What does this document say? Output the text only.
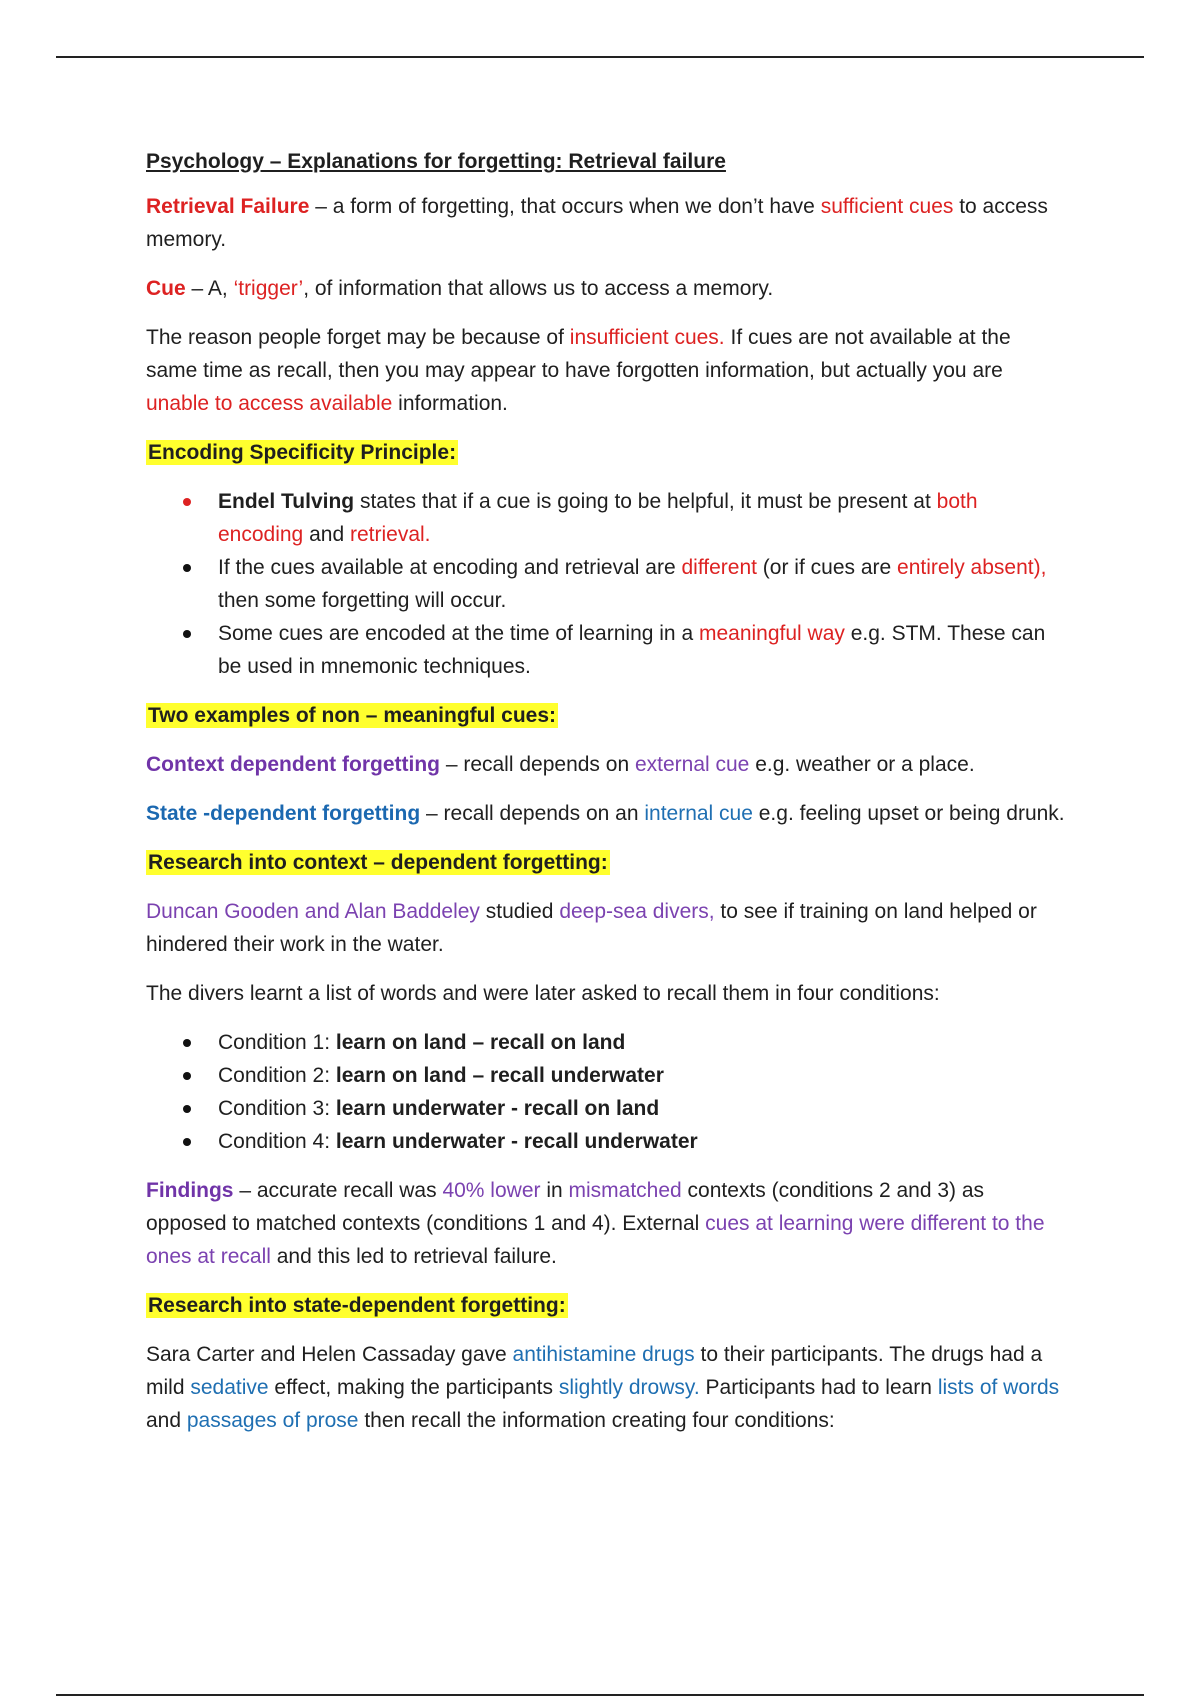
Psychology – Explanations for forgetting: Retrieval failure

Retrieval Failure – a form of forgetting, that occurs when we don’t have sufficient cues to access memory.

Cue – A, ‘trigger’, of information that allows us to access a memory.

The reason people forget may be because of insufficient cues. If cues are not available at the same time as recall, then you may appear to have forgotten information, but actually you are unable to access available information.

Encoding Specificity Principle:

Endel Tulving states that if a cue is going to be helpful, it must be present at both encoding and retrieval.
If the cues available at encoding and retrieval are different (or if cues are entirely absent), then some forgetting will occur.
Some cues are encoded at the time of learning in a meaningful way e.g. STM. These can be used in mnemonic techniques.

Two examples of non – meaningful cues:

Context dependent forgetting – recall depends on external cue e.g. weather or a place.

State -dependent forgetting – recall depends on an internal cue e.g. feeling upset or being drunk.

Research into context – dependent forgetting:

Duncan Gooden and Alan Baddeley studied deep-sea divers, to see if training on land helped or hindered their work in the water.

The divers learnt a list of words and were later asked to recall them in four conditions:

Condition 1: learn on land – recall on land
Condition 2: learn on land – recall underwater
Condition 3: learn underwater - recall on land
Condition 4: learn underwater - recall underwater

Findings – accurate recall was 40% lower in mismatched contexts (conditions 2 and 3) as opposed to matched contexts (conditions 1 and 4). External cues at learning were different to the ones at recall and this led to retrieval failure.

Research into state-dependent forgetting:

Sara Carter and Helen Cassaday gave antihistamine drugs to their participants. The drugs had a mild sedative effect, making the participants slightly drowsy. Participants had to learn lists of words and passages of prose then recall the information creating four conditions:
